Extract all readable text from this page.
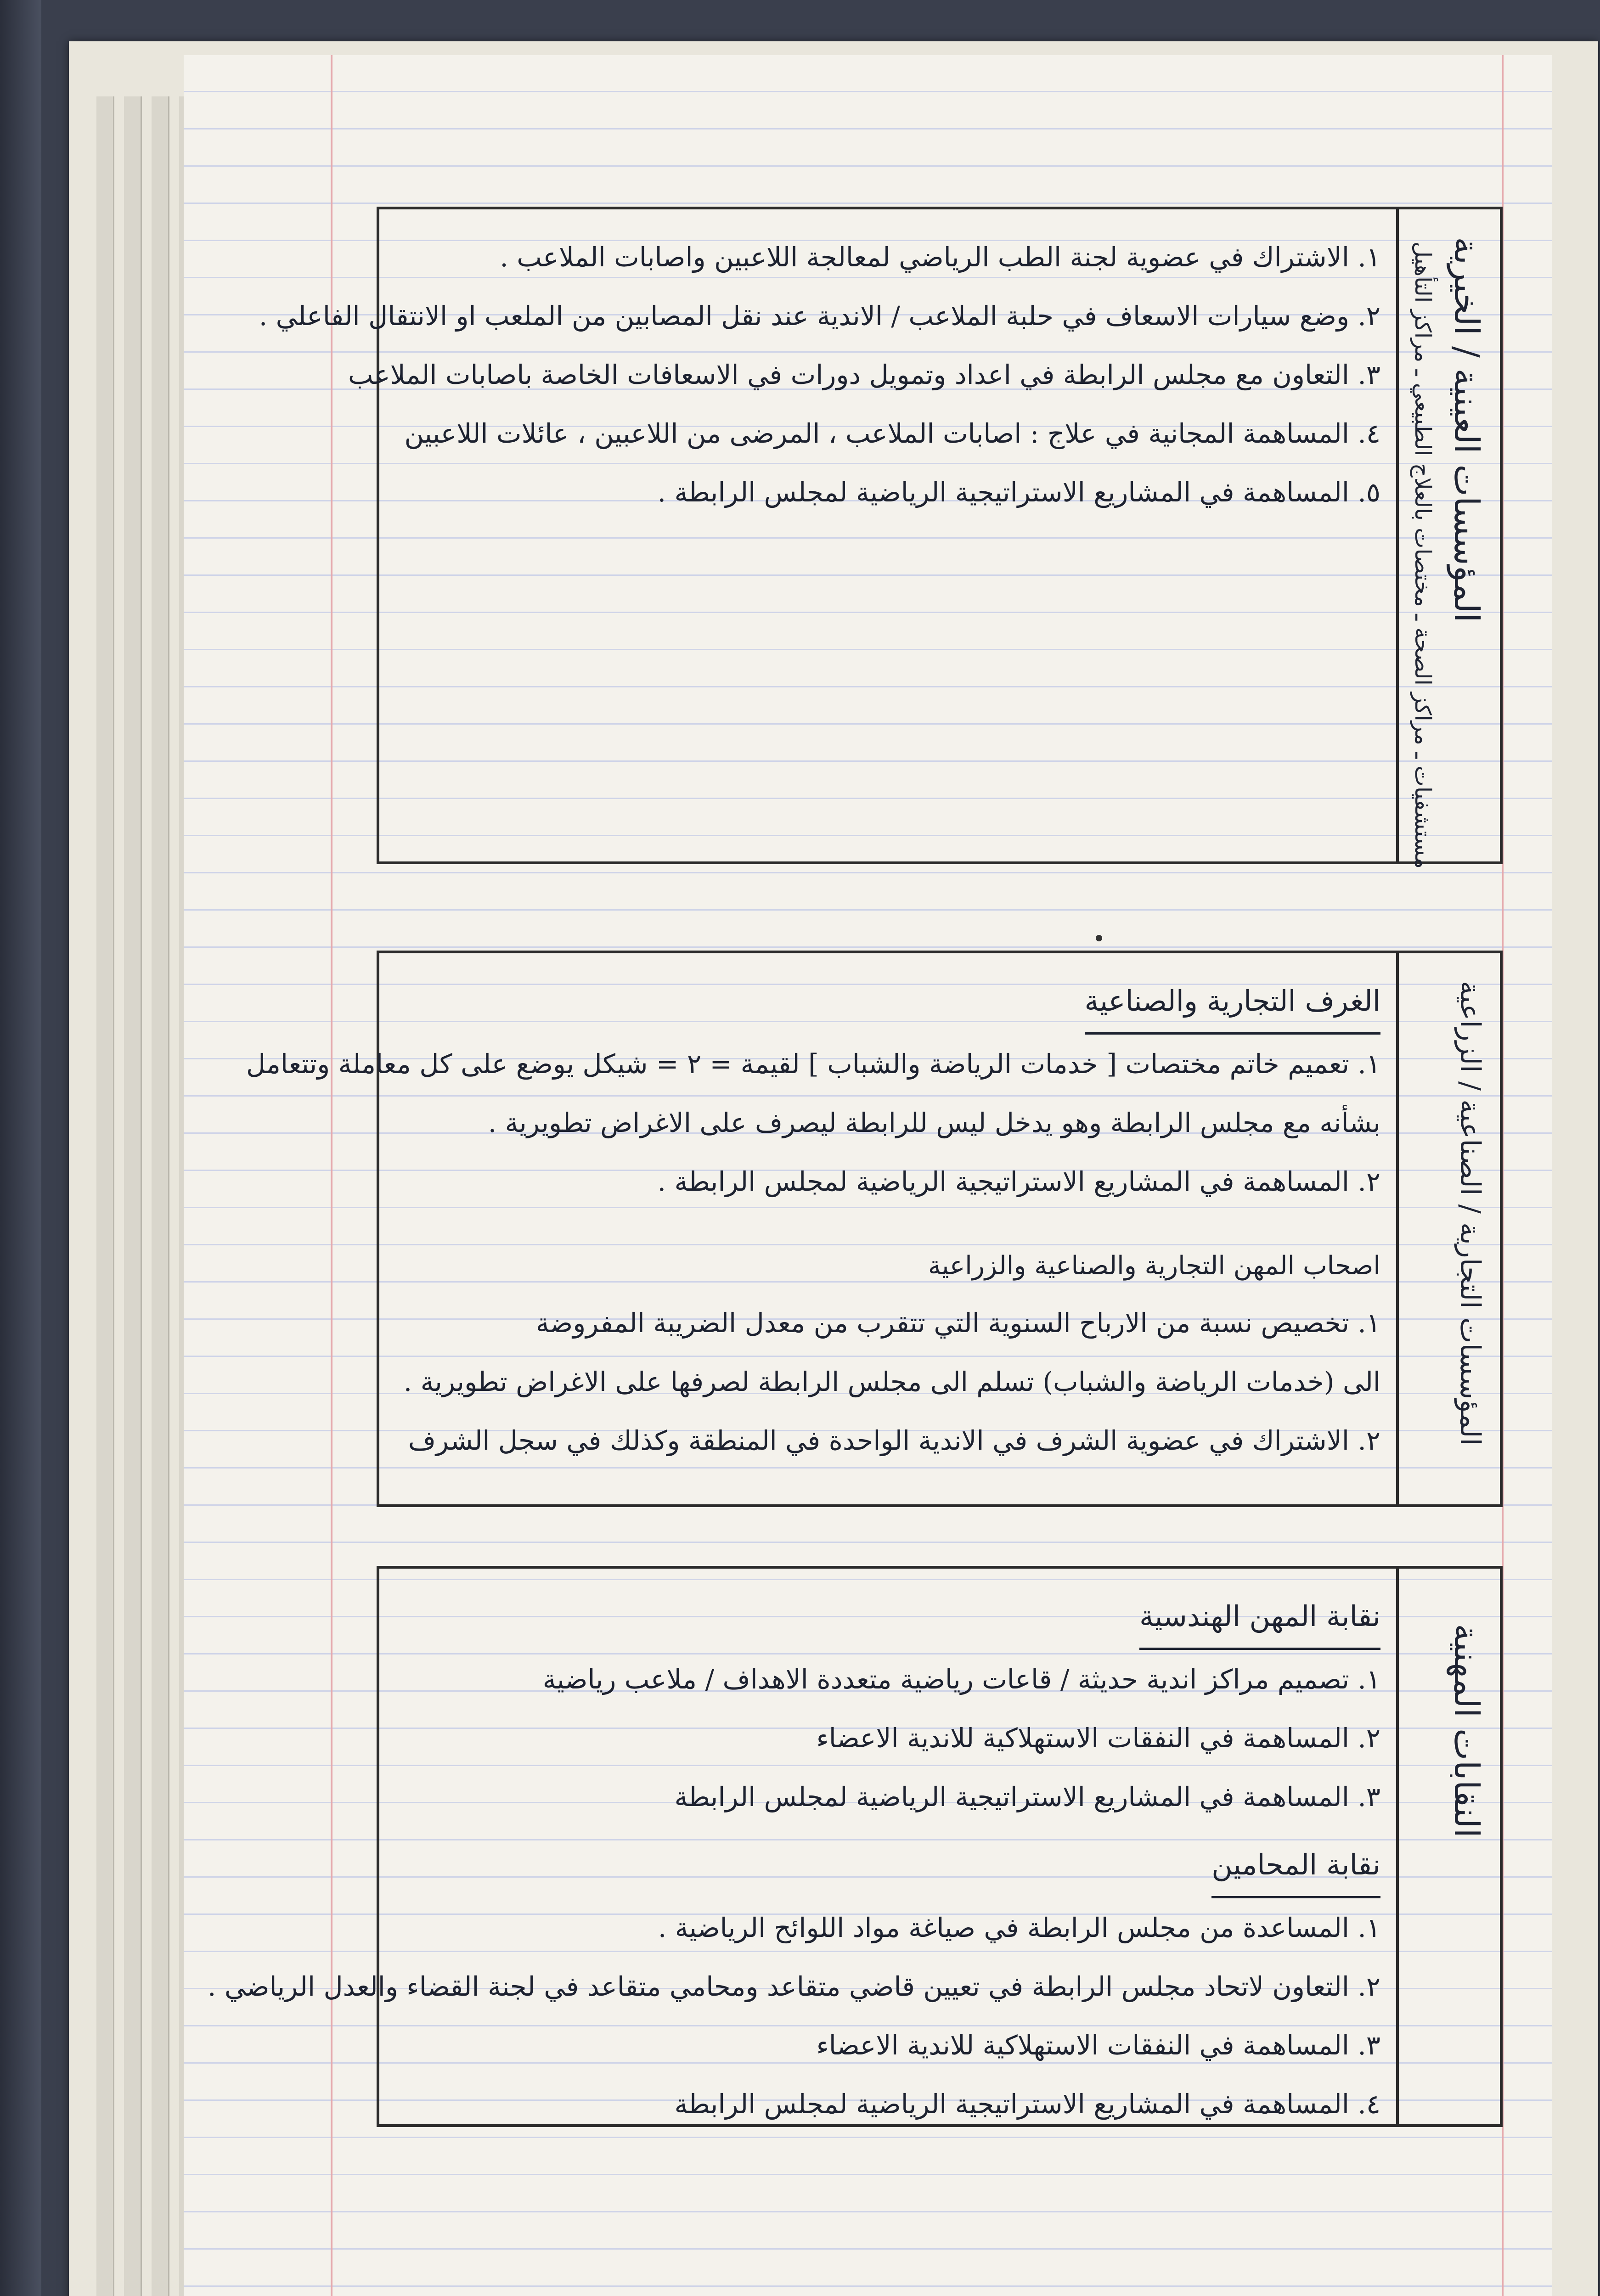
المؤسسات العينية / الخيرية
مستشفيات ـ مراكز الصحة ـ مختصات بالعلاج الطبيعي ـ مراكز التأهيل
١. الاشتراك في عضوية لجنة الطب الرياضي لمعالجة اللاعبين واصابات الملاعب .
٢. وضع سيارات الاسعاف في حلبة الملاعب / الاندية عند نقل المصابين من الملعب او الانتقال الفاعلي .
٣. التعاون مع مجلس الرابطة في اعداد وتمويل دورات في الاسعافات الخاصة باصابات الملاعب
٤. المساهمة المجانية في علاج : اصابات الملاعب ، المرضى من اللاعبين ، عائلات اللاعبين
٥. المساهمة في المشاريع الاستراتيجية الرياضية لمجلس الرابطة .
المؤسسات التجارية / الصناعية / الزراعية
الغرف التجارية والصناعية
١. تعميم خاتم مختصات [ خدمات الرياضة والشباب ] لقيمة = ٢ = شيكل يوضع على كل معاملة وتتعامل
بشأنه مع مجلس الرابطة وهو يدخل ليس للرابطة ليصرف على الاغراض تطويرية .
٢. المساهمة في المشاريع الاستراتيجية الرياضية لمجلس الرابطة .
اصحاب المهن التجارية والصناعية والزراعية
١. تخصيص نسبة من الارباح السنوية التي تتقرب من معدل الضريبة المفروضة
الى (خدمات الرياضة والشباب) تسلم الى مجلس الرابطة لصرفها على الاغراض تطويرية .
٢. الاشتراك في عضوية الشرف في الاندية الواحدة في المنطقة وكذلك في سجل الشرف
النقابات المهنية
نقابة المهن الهندسية
١. تصميم مراكز اندية حديثة / قاعات رياضية متعددة الاهداف / ملاعب رياضية
٢. المساهمة في النفقات الاستهلاكية للاندية الاعضاء
٣. المساهمة في المشاريع الاستراتيجية الرياضية لمجلس الرابطة
نقابة المحامين
١. المساعدة من مجلس الرابطة في صياغة مواد اللوائح الرياضية .
٢. التعاون لاتحاد مجلس الرابطة في تعيين قاضي متقاعد ومحامي متقاعد في لجنة القضاء والعدل الرياضي .
٣. المساهمة في النفقات الاستهلاكية للاندية الاعضاء
٤. المساهمة في المشاريع الاستراتيجية الرياضية لمجلس الرابطة
